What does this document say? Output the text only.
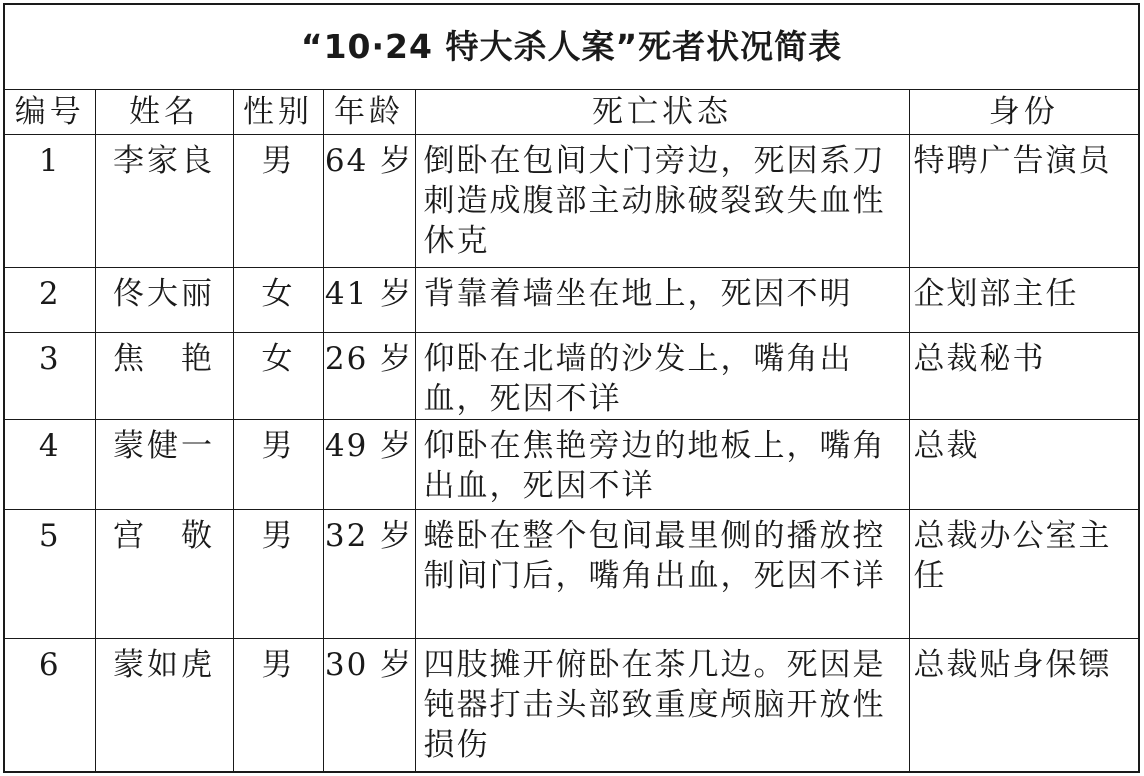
“10·24 特大杀人案”死者状况简表					
编号	姓名	性别	年龄	死亡状态	身份
1	李家良	男	64 岁	倒卧在包间大门旁边，死因系刀刺造成腹部主动脉破裂致失血性休克	特聘广告演员
2	佟大丽	女	41 岁	背靠着墙坐在地上，死因不明	企划部主任
3	焦　艳	女	26 岁	仰卧在北墙的沙发上，嘴角出血，死因不详	总裁秘书
4	蒙健一	男	49 岁	仰卧在焦艳旁边的地板上，嘴角出血，死因不详	总裁
5	宫　敬	男	32 岁	蜷卧在整个包间最里侧的播放控制间门后，嘴角出血，死因不详	总裁办公室主任
6	蒙如虎	男	30 岁	四肢摊开俯卧在茶几边。死因是钝器打击头部致重度颅脑开放性损伤	总裁贴身保镖
